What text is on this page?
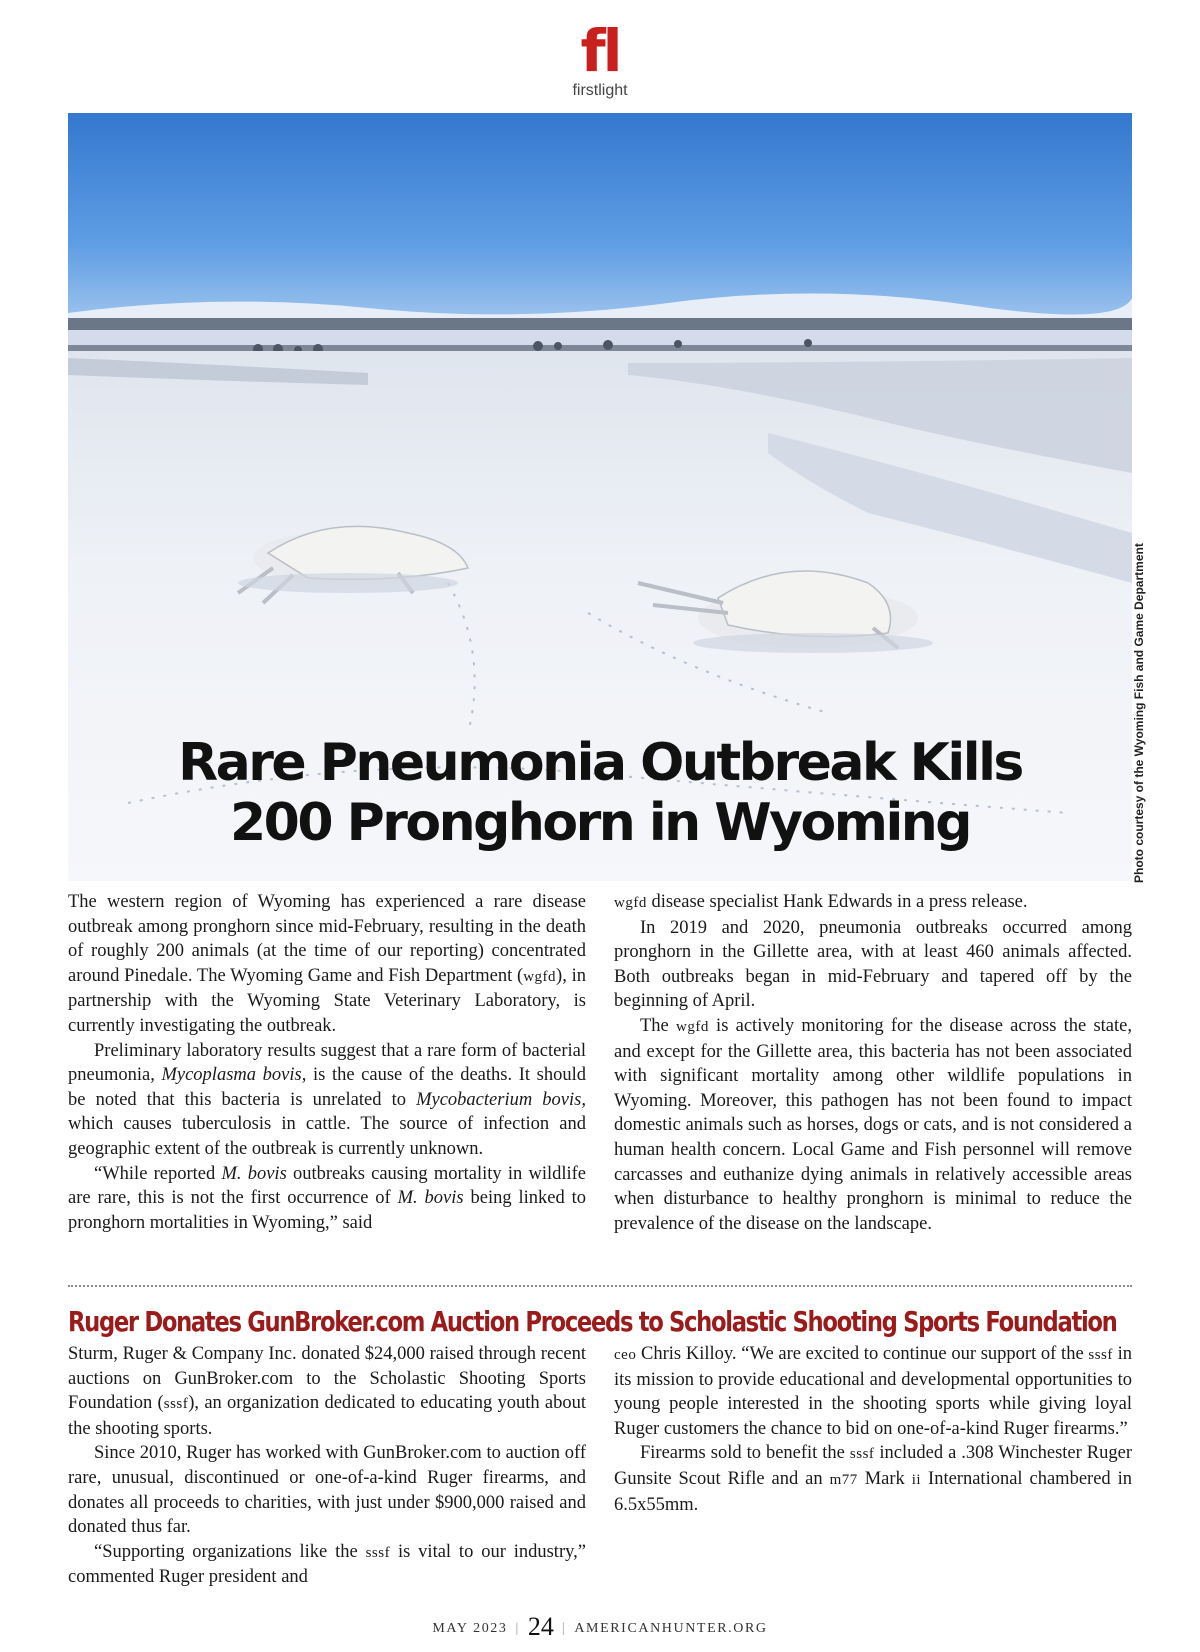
fl
firstlight
Rare Pneumonia Outbreak Kills
200 Pronghorn in Wyoming	Photo courtesy of the Wyoming Fish and Game Department

The western region of Wyoming has experienced a rare disease outbreak among pronghorn since mid-February, resulting in the death of roughly 200 animals (at the time of our reporting) concentrated around Pinedale. The Wyoming Game and Fish Department (wgfd), in partnership with the Wyoming State Veterinary Laboratory, is currently investigating the outbreak.

Preliminary laboratory results suggest that a rare form of bacterial pneumonia, Mycoplasma bovis, is the cause of the deaths. It should be noted that this bacteria is unrelated to Mycobacterium bovis, which causes tuberculosis in cattle. The source of infection and geographic extent of the outbreak is currently unknown.

“While reported M. bovis outbreaks causing mortality in wildlife are rare, this is not the first occurrence of M. bovis being linked to pronghorn mortalities in Wyoming,” said

wgfd disease specialist Hank Edwards in a press release.

In 2019 and 2020, pneumonia outbreaks occurred among pronghorn in the Gillette area, with at least 460 animals affected. Both outbreaks began in mid-February and tapered off by the beginning of April.

The wgfd is actively monitoring for the disease across the state, and except for the Gillette area, this bacteria has not been associated with significant mortality among other wildlife populations in Wyoming. Moreover, this pathogen has not been found to impact domestic animals such as horses, dogs or cats, and is not considered a human health concern. Local Game and Fish personnel will remove carcasses and euthanize dying animals in relatively accessible areas when disturbance to healthy pronghorn is minimal to reduce the prevalence of the disease on the landscape.

Ruger Donates GunBroker.com Auction Proceeds to Scholastic Shooting Sports Foundation

Sturm, Ruger & Company Inc. donated $24,000 raised through recent auctions on GunBroker.com to the Scholastic Shooting Sports Foundation (sssf), an organization dedicated to educating youth about the shooting sports.

Since 2010, Ruger has worked with GunBroker.com to auction off rare, unusual, discontinued or one-of-a-kind Ruger firearms, and donates all proceeds to charities, with just under $900,000 raised and donated thus far.

“Supporting organizations like the sssf is vital to our industry,” commented Ruger president and

ceo Chris Killoy. “We are excited to continue our support of the sssf in its mission to provide educational and developmental opportunities to young people interested in the shooting sports while giving loyal Ruger customers the chance to bid on one-of-a-kind Ruger firearms.”

Firearms sold to benefit the sssf included a .308 Winchester Ruger Gunsite Scout Rifle and an m77 Mark ii International chambered in 6.5x55mm.

MAY 2023 | 24 | AMERICANHUNTER.ORG
